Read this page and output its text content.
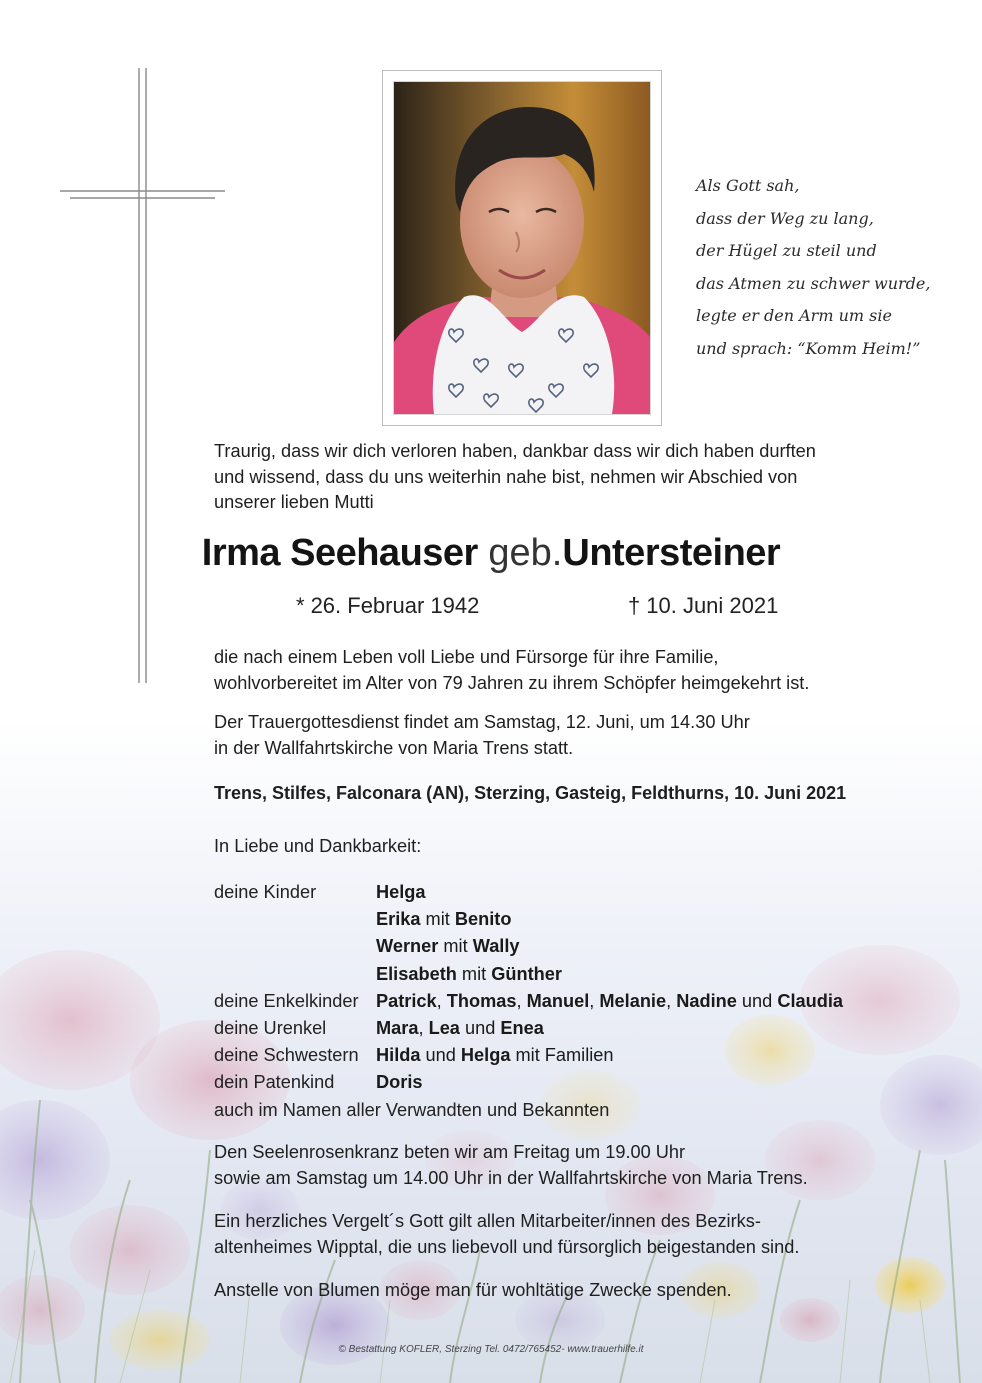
Als Gott sah,
dass der Weg zu lang,
der Hügel zu steil und
das Atmen zu schwer wurde,
legte er den Arm um sie
und sprach: “Komm Heim!”
Traurig, dass wir dich verloren haben, dankbar dass wir dich haben durften
und wissend, dass du uns weiterhin nahe bist, nehmen wir Abschied von
unserer lieben Mutti
Irma Seehauser geb.Untersteiner
* 26. Februar 1942	† 10. Juni 2021
die nach einem Leben voll Liebe und Fürsorge für ihre Familie,
wohlvorbereitet im Alter von 79 Jahren zu ihrem Schöpfer heimgekehrt ist.
Der Trauergottesdienst findet am Samstag, 12. Juni, um 14.30 Uhr
in der Wallfahrtskirche von Maria Trens statt.
Trens, Stilfes, Falconara (AN), Sterzing, Gasteig, Feldthurns, 10. Juni 2021
In Liebe und Dankbarkeit:
deine Kinder	Helga
Erika mit Benito
Werner mit Wally
Elisabeth mit Günther
deine Enkelkinder Patrick, Thomas, Manuel, Melanie, Nadine und Claudia
deine Urenkel	Mara, Lea und Enea
deine Schwestern Hilda und Helga mit Familien
dein Patenkind	Doris
auch im Namen aller Verwandten und Bekannten
Den Seelenrosenkranz beten wir am Freitag um 19.00 Uhr
sowie am Samstag um 14.00 Uhr in der Wallfahrtskirche von Maria Trens.
Ein herzliches Vergelt´s Gott gilt allen Mitarbeiter/innen des Bezirks-
altenheimes Wipptal, die uns liebevoll und fürsorglich beigestanden sind.
Anstelle von Blumen möge man für wohltätige Zwecke spenden.
© Bestattung KOFLER, Sterzing Tel. 0472/765452- www.trauerhilfe.it
